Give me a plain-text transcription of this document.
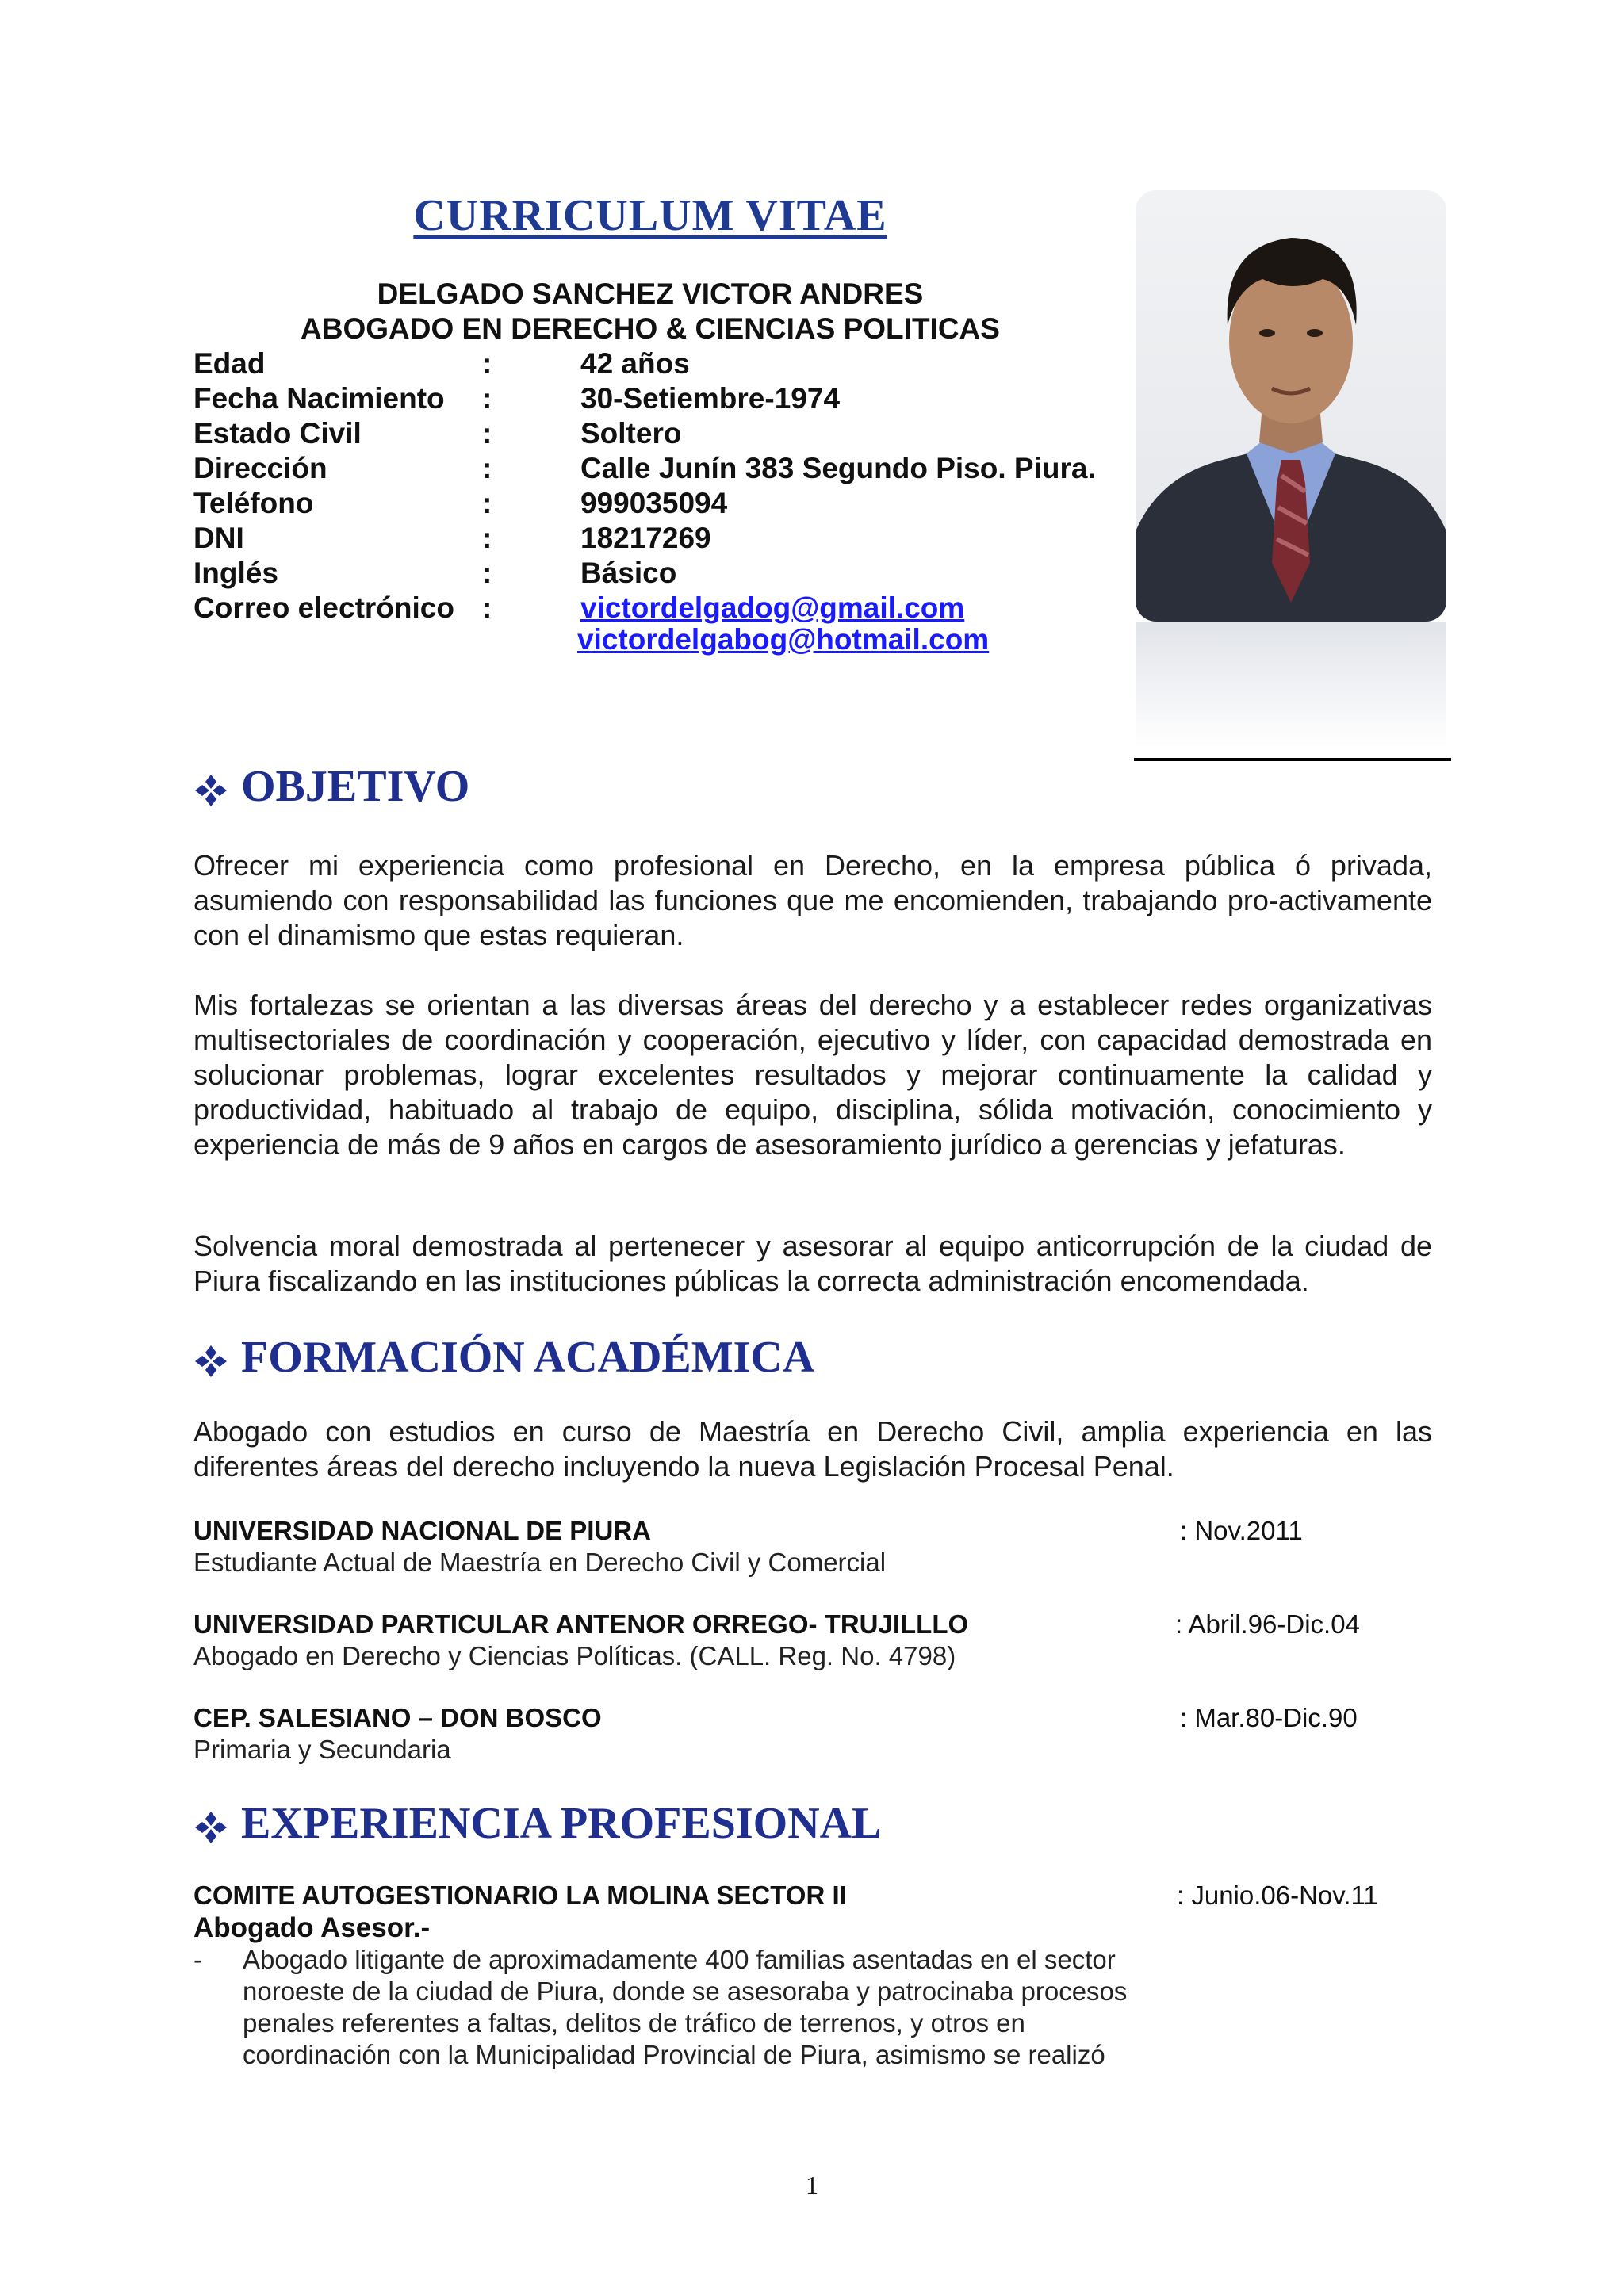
CURRICULUM VITAE
DELGADO SANCHEZ VICTOR ANDRES
ABOGADO EN DERECHO & CIENCIAS POLITICAS
Edad	:	42 años
Fecha Nacimiento :	30-Setiembre-1974
Estado Civil	:	Soltero
Dirección	:	Calle Junín 383 Segundo Piso. Piura.
Teléfono	:	999035094
DNI	:	18217269
Inglés	:	Básico
Correo electrónico :	victordelgadog@gmail.com
victordelgabog@hotmail.com
OBJETIVO

Ofrecer mi experiencia como profesional en Derecho, en la empresa pública ó privada, asumiendo con responsabilidad las funciones que me encomienden, trabajando pro-activamente con el dinamismo que estas requieran.

Mis fortalezas se orientan a las diversas áreas del derecho y a establecer redes organizativas multisectoriales de coordinación y cooperación, ejecutivo y líder, con capacidad demostrada en solucionar problemas, lograr excelentes resultados y mejorar continuamente la calidad y productividad, habituado al trabajo de equipo, disciplina, sólida motivación, conocimiento y experiencia de más de 9 años en cargos de asesoramiento jurídico a gerencias y jefaturas.

Solvencia moral demostrada al pertenecer y asesorar al equipo anticorrupción de la ciudad de Piura fiscalizando en las instituciones públicas la correcta administración encomendada.

FORMACIÓN ACADÉMICA

Abogado con estudios en curso de Maestría en Derecho Civil, amplia experiencia en las diferentes áreas del derecho incluyendo la nueva Legislación Procesal Penal.

UNIVERSIDAD NACIONAL DE PIURA	: Nov.2011
Estudiante Actual de Maestría en Derecho Civil y Comercial
UNIVERSIDAD PARTICULAR ANTENOR ORREGO- TRUJILLLO	: Abril.96-Dic.04
Abogado en Derecho y Ciencias Políticas. (CALL. Reg. No. 4798)
CEP. SALESIANO – DON BOSCO	: Mar.80-Dic.90
Primaria y Secundaria
EXPERIENCIA PROFESIONAL
COMITE AUTOGESTIONARIO LA MOLINA SECTOR II	: Junio.06-Nov.11
Abogado Asesor.-
- Abogado litigante de aproximadamente 400 familias asentadas en el sector
noroeste de la ciudad de Piura, donde se asesoraba y patrocinaba procesos
penales referentes a faltas, delitos de tráfico de terrenos, y otros en
coordinación con la Municipalidad Provincial de Piura, asimismo se realizó
1
